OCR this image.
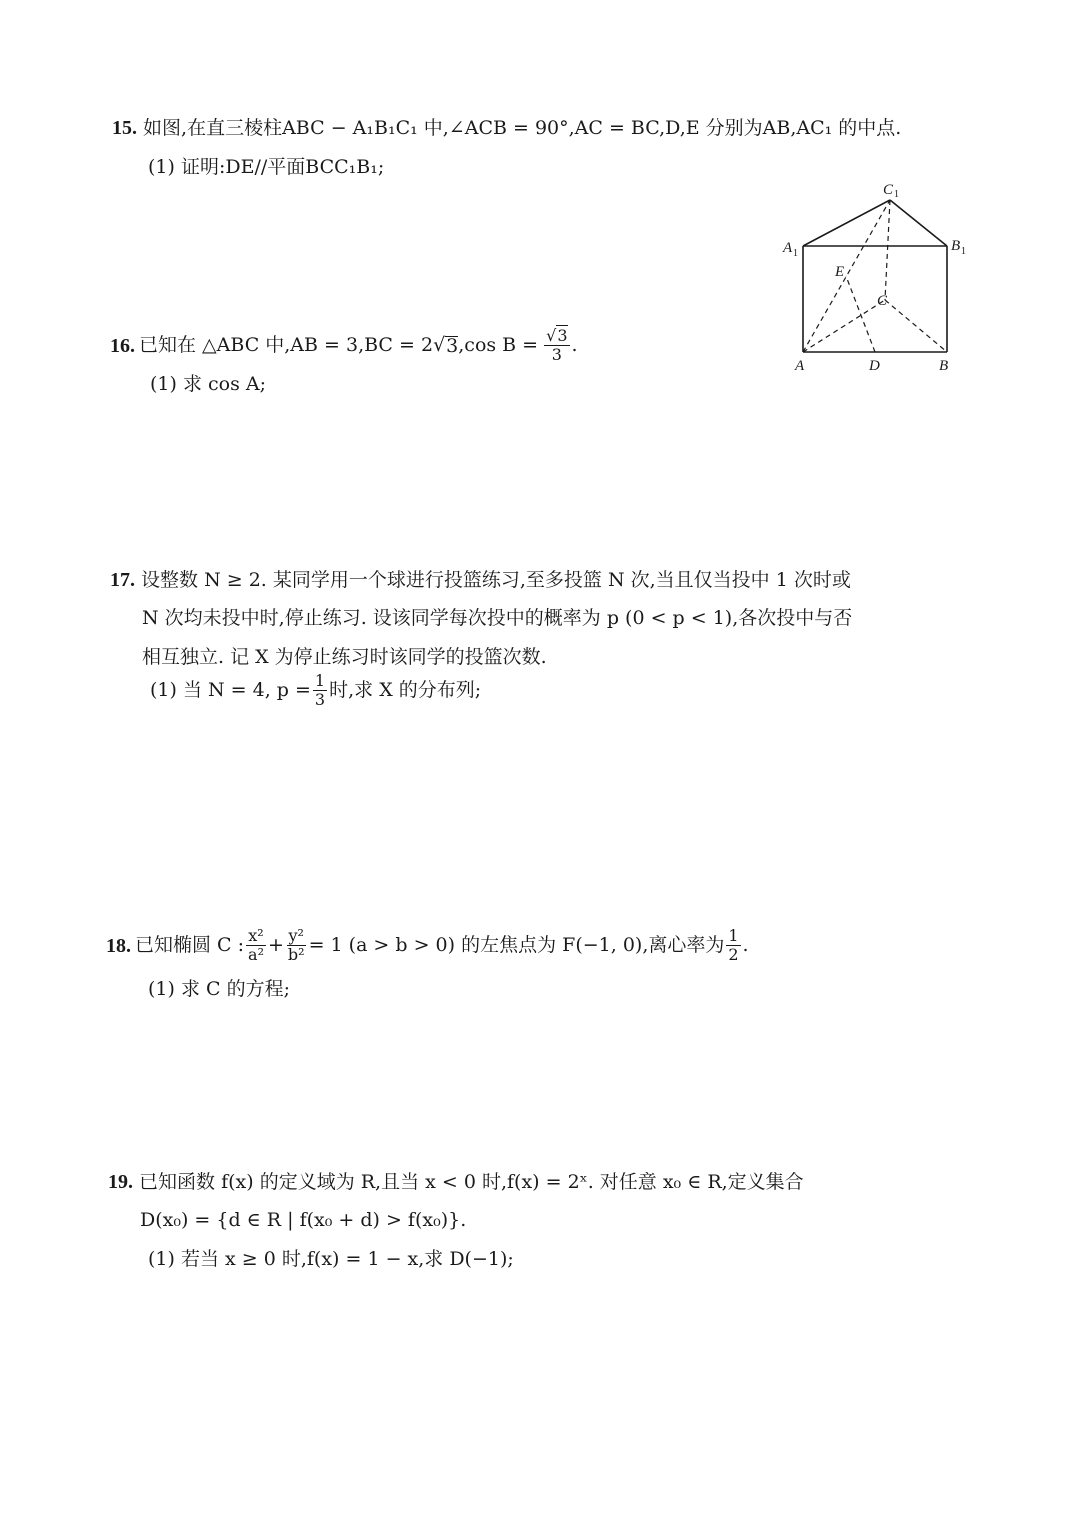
15. 如图,在直三棱柱ABC − A₁B₁C₁ 中,∠ACB = 90°,AC = BC,D,E 分别为AB,AC₁ 的中点.
(1) 证明:DE//平面BCC₁B₁;
C 1
A 1	B 1
E
C
A	D	B
16. 已知在 △ABC 中,AB = 3,BC = 2 √ 3 ,cos $B = \frac{√3}{3}$ .
(1) 求 cos A;
17. 设整数 N ≥ 2. 某同学用一个球进行投篮练习,至多投篮 N 次,当且仅当投中 1 次时或
N 次均未投中时,停止练习. 设该同学每次投中的概率为 p (0 < p < 1),各次投中与否
相互独立. 记 X 为停止练习时该同学的投篮次数.
(1) 当 N = 4, $p = \frac{1}{3}$ 时,求 X 的分布列;
18. 已知椭圆 C : $\frac{\text{x²}}{\text{a²}} + \frac{\text{y²}}{\text{b²}} = 1$ (a > b > 0) 的左焦点为 F(−1, 0),离心率为 $\frac{1}{2}$ .
(1) 求 C 的方程;
19. 已知函数 f(x) 的定义域为 R,且当 x < 0 时,f(x) = 2ˣ. 对任意 x₀ ∈ R,定义集合
D(x₀) = {d ∈ R | f(x₀ + d) > f(x₀)}.
(1) 若当 x ≥ 0 时,f(x) = 1 − x,求 D(−1);
